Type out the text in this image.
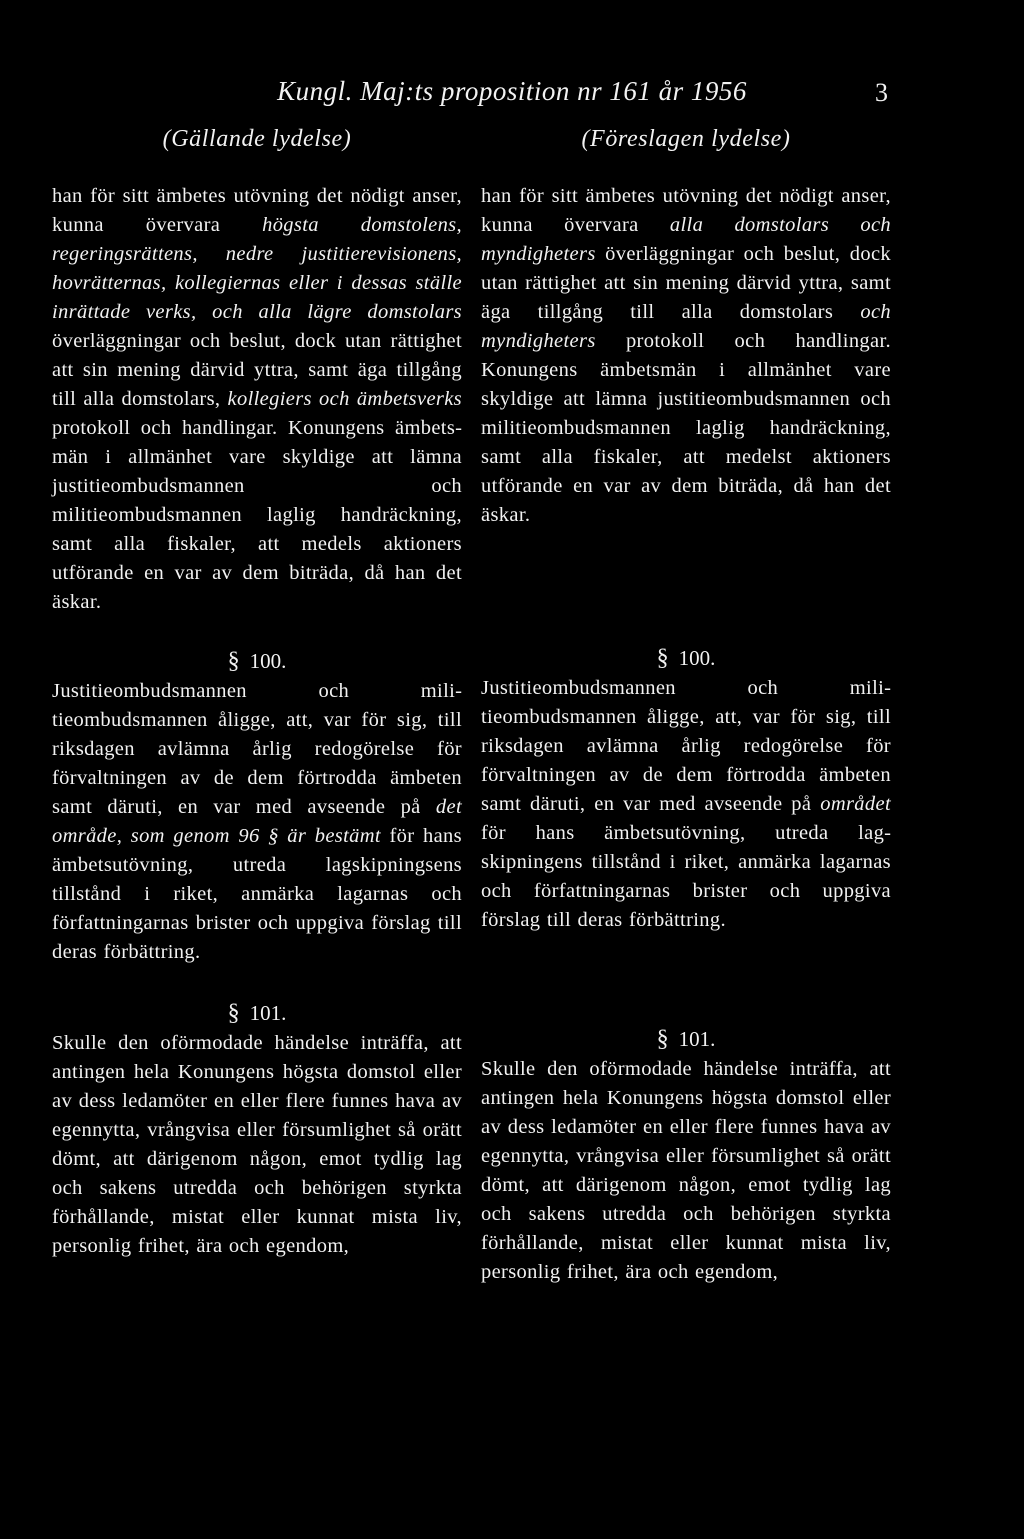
Kungl. Maj:ts proposition nr 161 år 1956	3
(Gällande lydelse)

han för sitt ämbetes utövning det nödigt anser, kunna övervara högsta domstolens, regeringsrättens, nedre justitierevisionens, hovrätternas, kollegiernas eller i dessas ställe inrättade verks, och alla lägre domstolars överläggningar och beslut, dock utan rättighet att sin mening därvid yttra, samt äga tillgång till alla domstolars, kollegiers och ämbetsverks protokoll och handlingar. Konungens ämbetsmän i allmänhet vare skyldige att lämna justitieombudsmannen och militieombudsmannen laglig handräckning, samt alla fiskaler, att medels aktioners utförande en var av dem biträda, då han det äskar.

§ 100.

Justitieombudsmannen och militieombudsmannen åligge, att, var för sig, till riksdagen avlämna årlig redogörelse för förvaltningen av de dem förtrodda ämbeten samt däruti, en var med avseende på det område, som genom 96 § är bestämt för hans ämbetsutövning, utreda lagskipningsens tillstånd i riket, anmärka lagarnas och författningarnas brister och uppgiva förslag till deras förbättring.

§ 101.

Skulle den oförmodade händelse inträffa, att antingen hela Konungens högsta domstol eller av dess ledamöter en eller flere funnes hava av egennytta, vrångvisa eller försumlighet så orätt dömt, att därigenom någon, emot tydlig lag och sakens utredda och behörigen styrkta förhållande, mistat eller kunnat mista liv, personlig frihet, ära och egendom,

(Föreslagen lydelse)

han för sitt ämbetes utövning det nödigt anser, kunna övervara alla domstolars och myndigheters överläggningar och beslut, dock utan rättighet att sin mening därvid yttra, samt äga tillgång till alla domstolars och myndigheters protokoll och handlingar. Konungens ämbetsmän i allmänhet vare skyldige att lämna justitieombudsmannen och militieombudsmannen laglig handräckning, samt alla fiskaler, att medelst aktioners utförande en var av dem biträda, då han det äskar.

§ 100.

Justitieombudsmannen och militieombudsmannen åligge, att, var för sig, till riksdagen avlämna årlig redogörelse för förvaltningen av de dem förtrodda ämbeten samt däruti, en var med avseende på området för hans ämbetsutövning, utreda lagskipningens tillstånd i riket, anmärka lagarnas och författningarnas brister och uppgiva förslag till deras förbättring.

§ 101.

Skulle den oförmodade händelse inträffa, att antingen hela Konungens högsta domstol eller av dess ledamöter en eller flere funnes hava av egennytta, vrångvisa eller försumlighet så orätt dömt, att därigenom någon, emot tydlig lag och sakens utredda och behörigen styrkta förhållande, mistat eller kunnat mista liv, personlig frihet, ära och egendom,
